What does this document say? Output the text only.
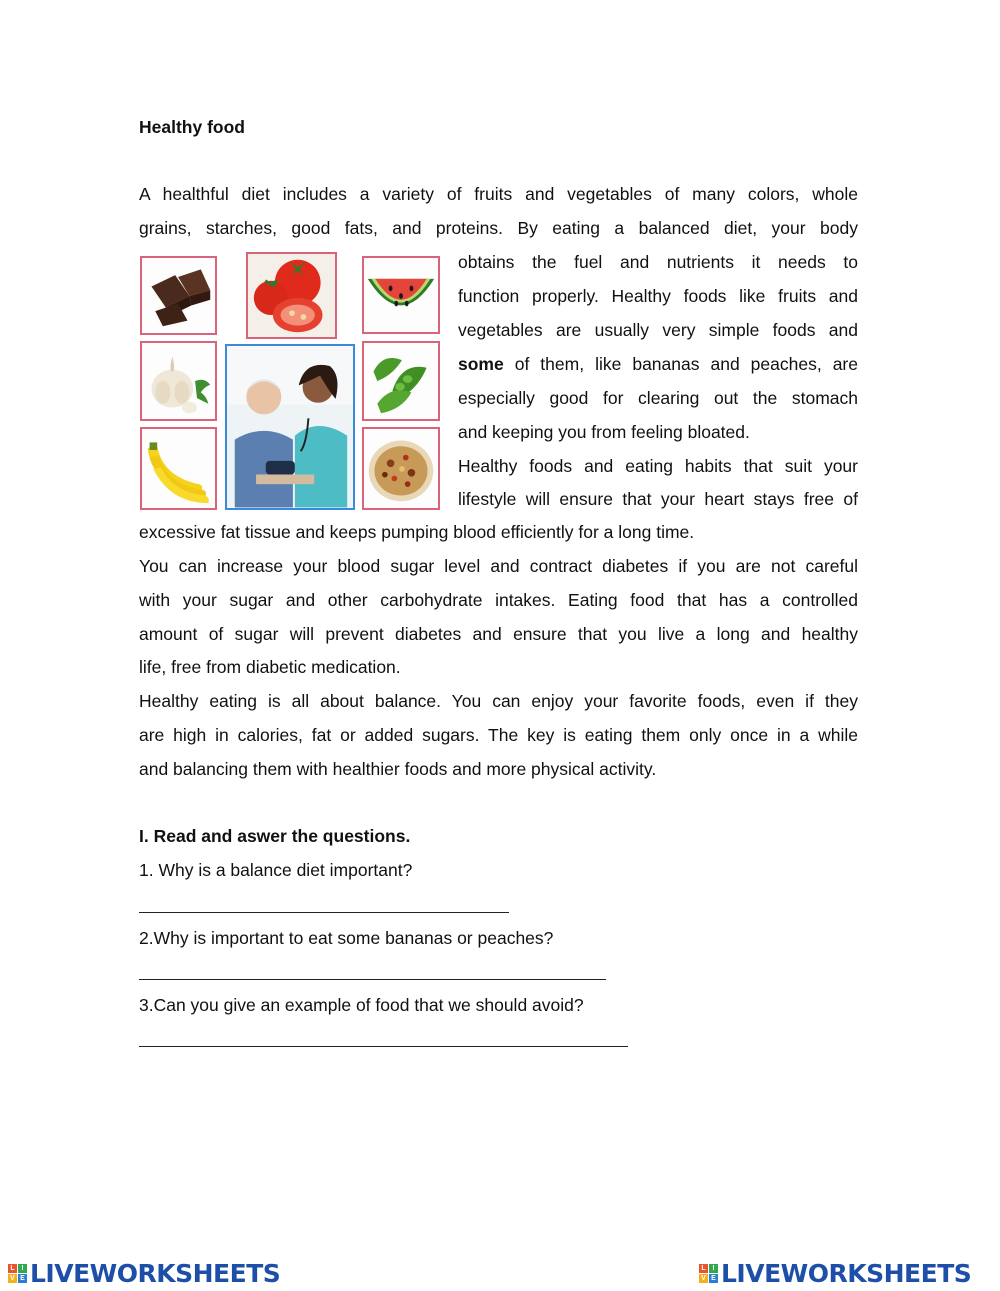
Healthy food
A healthful diet includes a variety of fruits and vegetables of many colors, whole
grains, starches, good fats, and proteins. By eating a balanced diet, your body
obtains the fuel and nutrients it needs to
function properly. Healthy foods like fruits and
vegetables are usually very simple foods and
some of them, like bananas and peaches, are
especially good for clearing out the stomach
and keeping you from feeling bloated.
Healthy foods and eating habits that suit your
lifestyle will ensure that your heart stays free of
excessive fat tissue and keeps pumping blood efficiently for a long time.
You can increase your blood sugar level and contract diabetes if you are not careful
with your sugar and other carbohydrate intakes. Eating food that has a controlled
amount of sugar will prevent diabetes and ensure that you live a long and healthy
life, free from diabetic medication.
Healthy eating is all about balance. You can enjoy your favorite foods, even if they
are high in calories, fat or added sugars. The key is eating them only once in a while
and balancing them with healthier foods and more physical activity.
I. Read and aswer the questions.
1. Why is a balance diet important?
2.Why is important to eat some bananas or peaches?
3.Can you give an example of food that we should avoid?
L I
V E LIVEWORKSHEETS	L I
V E LIVEWORKSHEETS
